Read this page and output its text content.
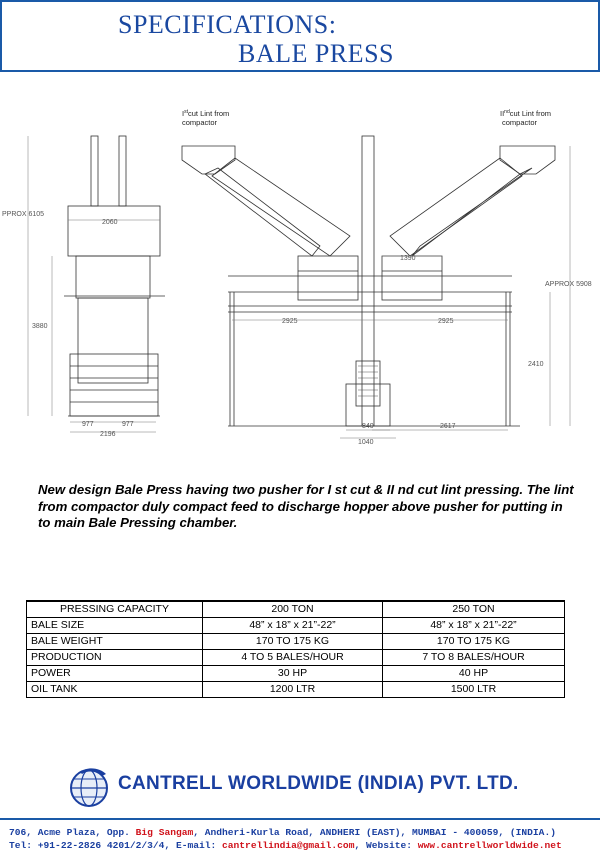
SPECIFICATIONS:
BALE PRESS
Istcut Lint from
compactor
IIndcut Lint from
compactor
PPROX 6105
2060
3880
977	977
2196
1390
2925	2925
APPROX 5908
2410
840
1040
2617
New design Bale Press having two pusher for I st cut & II nd cut lint pressing. The lint from compactor duly compact feed to discharge hopper above pusher for putting in to main Bale Pressing chamber.
PRESSING CAPACITY	200 TON	250 TON
BALE SIZE	48” x 18” x 21”-22”	48” x 18” x 21”-22”
BALE WEIGHT	170 TO 175 KG	170 TO 175 KG
PRODUCTION	4 TO 5 BALES/HOUR	7 TO 8 BALES/HOUR
POWER	30 HP	40 HP
OIL TANK	1200 LTR	1500 LTR
CANTRELL WORLDWIDE (INDIA) PVT. LTD.
706, Acme Plaza, Opp. Big Sangam, Andheri-Kurla Road, ANDHERI (EAST), MUMBAI - 400059, (INDIA.)
Tel: +91-22-2826 4201/2/3/4, E-mail: cantrellindia@gmail.com, Website: www.cantrellworldwide.net
